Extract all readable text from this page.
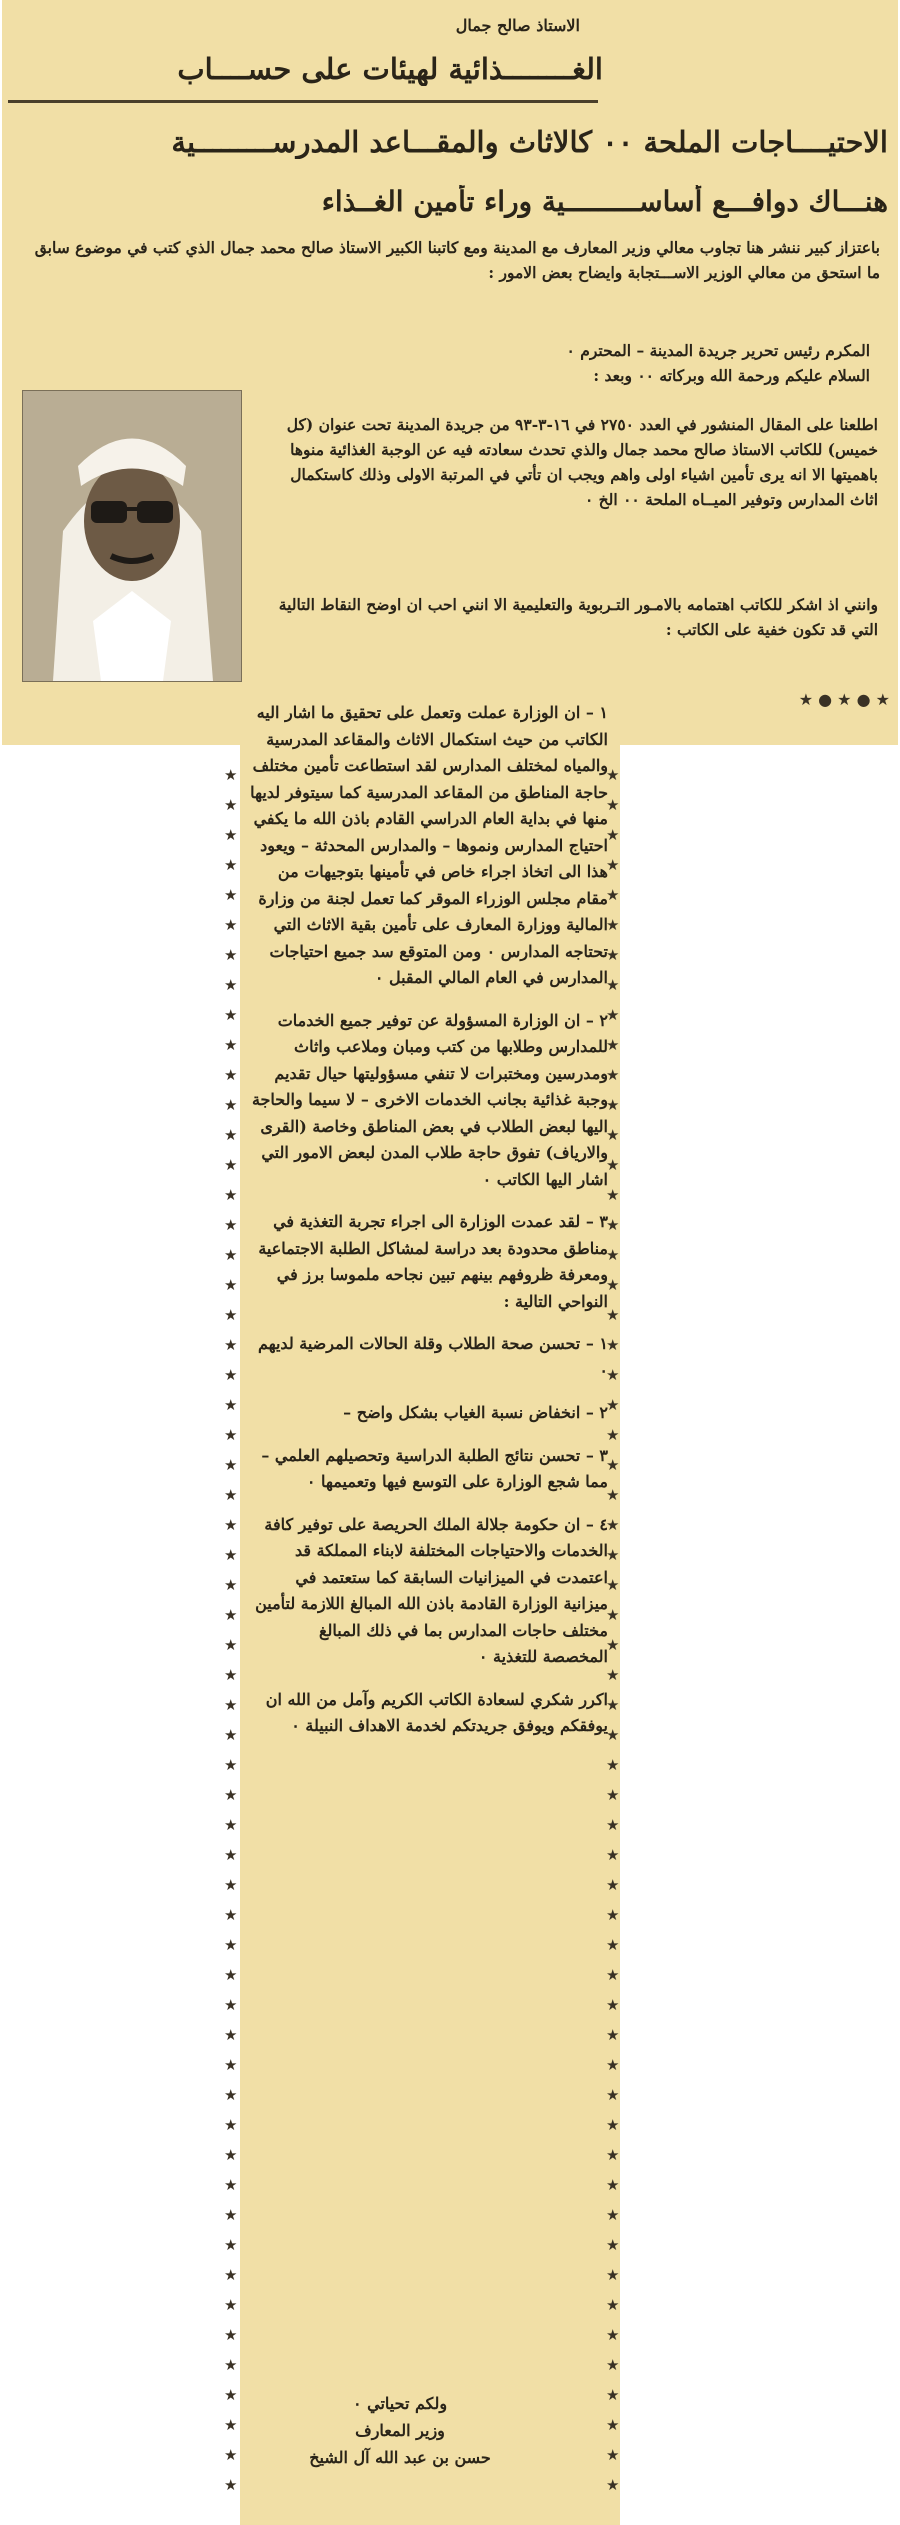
الاستاذ صالح جمال
الغــــــــذائية لهيئات على حســــاب
الاحتيــــاجات الملحة ٠٠ كالاثاث والمقـــاعد المدرســـــــــية
هنـــاك دوافـــع أساســـــــــية وراء تأمين الغــذاء
باعتزاز كبير ننشر هنا تجاوب معالي وزير المعارف مع المدينة ومع كاتبنا الكبير الاستاذ صالح محمد جمال الذي كتب في موضوع سابق ما استحق من معالي الوزير الاســـتجابة وايضاح بعض الامور :
المكرم رئيس تحرير جريدة المدينة – المحترم ٠
السلام عليكم ورحمة الله وبركاته ٠٠ وبعد :
اطلعنا على المقال المنشور في العدد ٢٧٥٠ في ١٦-٣-٩٣ من جريدة المدينة تحت عنوان (كل خميس) للكاتب الاستاذ صالح محمد جمال والذي تحدث سعادته فيه عن الوجبة الغذائية منوها باهميتها الا انه يرى تأمين اشياء اولى واهم ويجب ان تأتي في المرتبة الاولى وذلك كاستكمال اثاث المدارس وتوفير الميــاه الملحة ٠٠ الخ ٠
وانني اذ اشكر للكاتب اهتمامه بالامـور التـربوية والتعليمية الا انني احب ان اوضح النقاط التالية التي قد تكون خفية على الكاتب :
★ ● ★ ● ★

١ – ان الوزارة عملت وتعمل على تحقيق ما اشار اليه الكاتب من حيث استكمال الاثاث والمقاعد المدرسية والمياه لمختلف المدارس لقد استطاعت تأمين مختلف حاجة المناطق من المقاعد المدرسية كما سيتوفر لديها منها في بداية العام الدراسي القادم باذن الله ما يكفي احتياج المدارس ونموها – والمدارس المحدثة – ويعود هذا الى اتخاذ اجراء خاص في تأمينها بتوجيهات من مقام مجلس الوزراء الموقر كما تعمل لجنة من وزارة المالية ووزارة المعارف على تأمين بقية الاثاث التي تحتاجه المدارس ٠ ومن المتوقع سد جميع احتياجات المدارس في العام المالي المقبل ٠

٢ – ان الوزارة المسؤولة عن توفير جميع الخدمات للمدارس وطلابها من كتب ومبان وملاعب واثاث ومدرسين ومختبرات لا تنفي مسؤوليتها حيال تقديم وجبة غذائية بجانب الخدمات الاخرى – لا سيما والحاجة اليها لبعض الطلاب في بعض المناطق وخاصة (القرى والارياف) تفوق حاجة طلاب المدن لبعض الامور التي اشار اليها الكاتب ٠

٣ – لقد عمدت الوزارة الى اجراء تجربة التغذية في مناطق محدودة بعد دراسة لمشاكل الطلبة الاجتماعية ومعرفة ظروفهم بينهم تبين نجاحه ملموسا برز في النواحي التالية :

١ – تحسن صحة الطلاب وقلة الحالات المرضية لديهم ٠

٢ – انخفاض نسبة الغياب بشكل واضح –

٣ – تحسن نتائج الطلبة الدراسية وتحصيلهم العلمي – مما شجع الوزارة على التوسع فيها وتعميمها ٠

٤ – ان حكومة جلالة الملك الحريصة على توفير كافة الخدمات والاحتياجات المختلفة لابناء المملكة قد اعتمدت في الميزانيات السابقة كما ستعتمد في ميزانية الوزارة القادمة باذن الله المبالغ اللازمة لتأمين مختلف حاجات المدارس بما في ذلك المبالغ المخصصة للتغذية ٠

اكرر شكري لسعادة الكاتب الكريم وآمل من الله ان يوفقكم ويوفق جريدتكم لخدمة الاهداف النبيلة ٠

ولكم تحياتي ٠
وزير المعارف
حسن بن عبد الله آل الشيخ
★
★
★
★
★
★
★
★
★
★
★
★
★
★
★
★
★
★
★
★
★
★
★
★
★
★
★
★
★
★
★
★
★
★
★
★
★
★
★
★
★
★
★
★
★
★
★
★
★
★
★
★
★
★
★
★
★
★
★
★
★
★
★
★
★
★
★
★
★
★
★
★
★
★
★
★
★
★
★
★
★
★
★
★
★
★
★
★
★
★
★
★
★
★
★
★
★
★
★
★
★
★
★
★
★
★
★
★
★
★
★
★
★
★
★
★
